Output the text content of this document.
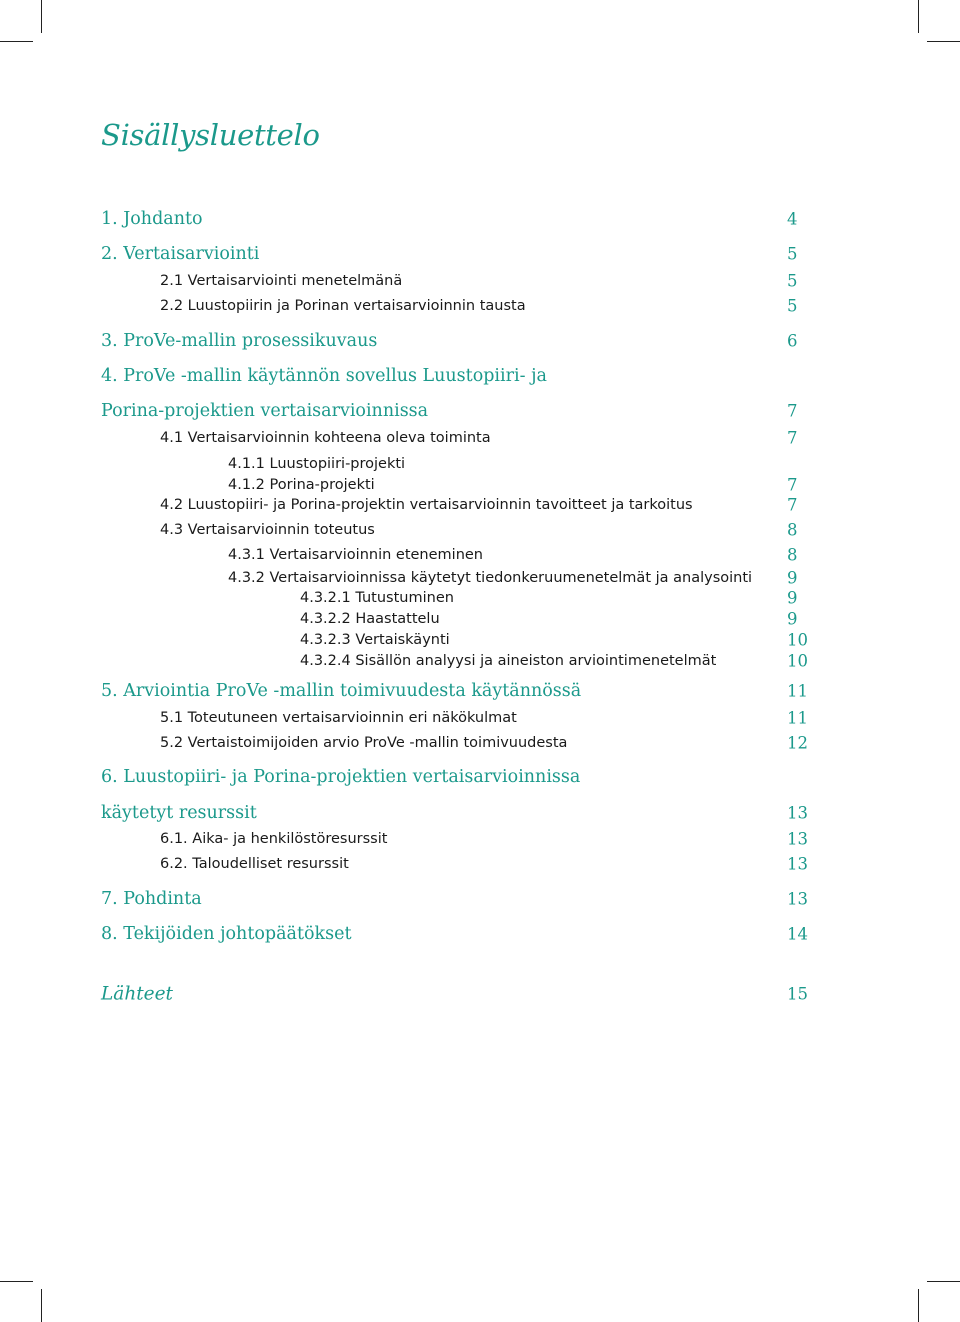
Sisällysluettelo
1. Johdanto	4
2. Vertaisarviointi	5
2.1 Vertaisarviointi menetelmänä	5
2.2 Luustopiirin ja Porinan vertaisarvioinnin tausta	5
3. ProVe-mallin prosessikuvaus	6
4. ProVe -mallin käytännön sovellus Luustopiiri- ja
Porina-projektien vertaisarvioinnissa	7
4.1 Vertaisarvioinnin kohteena oleva toiminta	7
4.1.1 Luustopiiri-projekti
4.1.2 Porina-projekti	7
4.2 Luustopiiri- ja Porina-projektin vertaisarvioinnin tavoitteet ja tarkoitus	7
4.3 Vertaisarvioinnin toteutus	8
4.3.1 Vertaisarvioinnin eteneminen	8
4.3.2 Vertaisarvioinnissa käytetyt tiedonkeruumenetelmät ja analysointi 9
4.3.2.1 Tutustuminen	9
4.3.2.2 Haastattelu	9
4.3.2.3 Vertaiskäynti	10
4.3.2.4 Sisällön analyysi ja aineiston arviointimenetelmät	10
5. Arviointia ProVe -mallin toimivuudesta käytännössä	11
5.1 Toteutuneen vertaisarvioinnin eri näkökulmat	11
5.2 Vertaistoimijoiden arvio ProVe -mallin toimivuudesta	12
6. Luustopiiri- ja Porina-projektien vertaisarvioinnissa
käytetyt resurssit	13
6.1. Aika- ja henkilöstöresurssit	13
6.2. Taloudelliset resurssit	13
7. Pohdinta	13
8. Tekijöiden johtopäätökset	14
Lähteet	15
